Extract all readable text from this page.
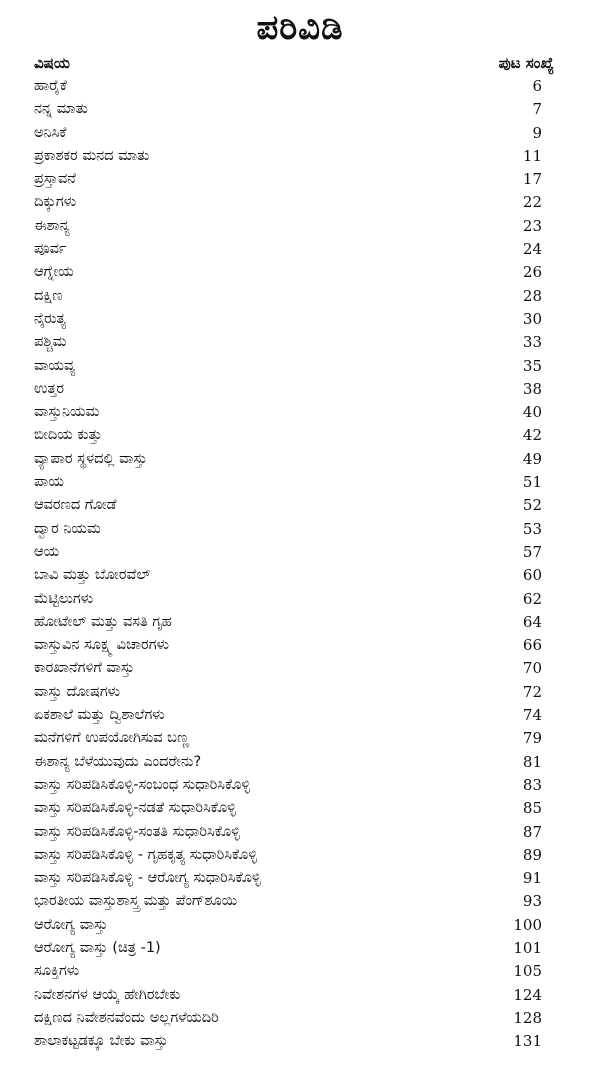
ಪರಿವಿಡಿ
ವಿಷಯ	ಪುಟ ಸಂಖ್ಯೆ
ಹಾರೈಕೆ	6
ನನ್ನ ಮಾತು	7
ಅನಿಸಿಕೆ	9
ಪ್ರಕಾಶಕರ ಮನದ ಮಾತು	11
ಪ್ರಸ್ತಾವನೆ	17
ದಿಕ್ಕುಗಳು	22
ಈಶಾನ್ಯ	23
ಪೂರ್ವ	24
ಆಗ್ನೇಯ	26
ದಕ್ಷಿಣ	28
ನೈರುತ್ಯ	30
ಪಶ್ಚಿಮ	33
ವಾಯವ್ಯ	35
ಉತ್ತರ	38
ವಾಸ್ತುನಿಯಮ	40
ಬೀದಿಯ ಕುತ್ತು	42
ವ್ಯಾಪಾರ ಸ್ಥಳದಲ್ಲಿ ವಾಸ್ತು	49
ಪಾಯ	51
ಆವರಣದ ಗೋಡೆ	52
ದ್ವಾರ ನಿಯಮ	53
ಆಯ	57
ಬಾವಿ ಮತ್ತು ಬೋರವೆಲ್	60
ಮೆಟ್ಟಿಲುಗಳು	62
ಹೋಟೇಲ್ ಮತ್ತು ವಸತಿ ಗೃಹ	64
ವಾಸ್ತುವಿನ ಸೂಕ್ಷ್ಮ ವಿಚಾರಗಳು	66
ಕಾರಖಾನೆಗಳಿಗೆ ವಾಸ್ತು	70
ವಾಸ್ತು ದೋಷಗಳು	72
ಏಕಶಾಲೆ ಮತ್ತು ದ್ವಿಶಾಲೆಗಳು	74
ಮನೆಗಳಿಗೆ ಉಪಯೋಗಿಸುವ ಬಣ್ಣ	79
ಈಶಾನ್ಯ ಬೆಳೆಯುವುದು ಎಂದರೇನು?	81
ವಾಸ್ತು ಸರಿಪಡಿಸಿಕೊಳ್ಳಿ-ಸಂಬಂಧ ಸುಧಾರಿಸಿಕೊಳ್ಳಿ	83
ವಾಸ್ತು ಸರಿಪಡಿಸಿಕೊಳ್ಳಿ-ನಡತೆ ಸುಧಾರಿಸಿಕೊಳ್ಳಿ	85
ವಾಸ್ತು ಸರಿಪಡಿಸಿಕೊಳ್ಳಿ-ಸಂತತಿ ಸುಧಾರಿಸಿಕೊಳ್ಳಿ	87
ವಾಸ್ತು ಸರಿಪಡಿಸಿಕೊಳ್ಳಿ - ಗೃಹಕೃತ್ಯ ಸುಧಾರಿಸಿಕೊಳ್ಳಿ	89
ವಾಸ್ತು ಸರಿಪಡಿಸಿಕೊಳ್ಳಿ - ಆರೋಗ್ಯ ಸುಧಾರಿಸಿಕೊಳ್ಳಿ	91
ಭಾರತೀಯ ವಾಸ್ತುಶಾಸ್ತ್ರ ಮತ್ತು ಪೆಂಗ್‌ಶೂಯಿ	93
ಆರೋಗ್ಯ ವಾಸ್ತು	100
ಆರೋಗ್ಯ ವಾಸ್ತು (ಚಿತ್ರ -1)	101
ಸೂಕ್ತಿಗಳು	105
ನಿವೇಶನಗಳ ಆಯ್ಕೆ ಹೇಗಿರಬೇಕು	124
ದಕ್ಷಿಣದ ನಿವೇಶನವೆಂದು ಅಲ್ಲಗಳೆಯದಿರಿ	128
ಶಾಲಾಕಟ್ಟಡಕ್ಕೂ ಬೇಕು ವಾಸ್ತು	131
